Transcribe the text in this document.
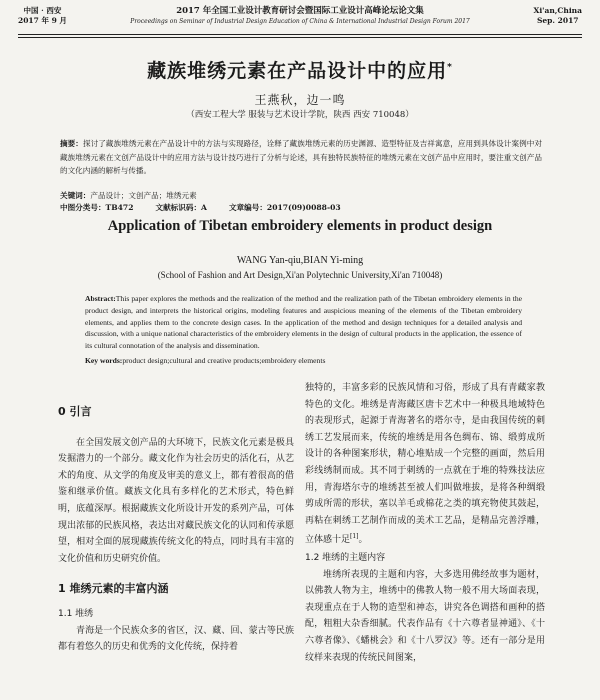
中国 · 西安
2017 年 9 月
2017 年全国工业设计教育研讨会暨国际工业设计高峰论坛论文集
Proceedings on Seminar of Industrial Design Education of China & International Industrial Design Forum 2017
Xi'an,China
Sep. 2017
藏族堆绣元素在产品设计中的应用*
王燕秋，边一鸣
（西安工程大学 服装与艺术设计学院，陕西 西安 710048）
摘要：探讨了藏族堆绣元素在产品设计中的方法与实现路径，诠释了藏族堆绣元素的历史渊源、造型特征及吉祥寓意，应用到具体设计案例中对藏族堆绣元素在文创产品设计中的应用方法与设计技巧进行了分析与论述，具有独特民族特征的堆绣元素在文创产品中应用时，要注重文创产品的文化内涵的解析与传播。
关键词：产品设计；文创产品；堆绣元素
中图分类号：TB472	文献标识码：A	文章编号：2017(09)0088-03
Application of Tibetan embroidery elements in product design
WANG Yan-qiu,BIAN Yi-ming
(School of Fashion and Art Design,Xi'an Polytechnic University,Xi'an 710048)
Abstract:This paper explores the methods and the realization of the method and the realization path of the Tibetan embroidery elements in the product design, and interprets the historical origins, modeling features and auspicious meaning of the elements of the Tibetan embroidery elements, and applies them to the concrete design cases. In the application of the method and design techniques for a detailed analysis and discussion, with a unique national characteristics of the embroidery elements in the design of cultural products in the application, the essence of its cultural connotation of the analysis and dissemination.
Key words:product design;cultural and creative products;embroidery elements

0 引言

在全国发展文创产品的大环境下，民族文化元素是极具发掘潜力的一个部分。藏文化作为社会历史的活化石，从艺术的角度、从文学的角度及审美的意义上，都有着很高的借鉴和继承价值。藏族文化具有多样化的艺术形式，特色鲜明，底蕴深厚。根据藏族文化所设计开发的系列产品，可体现出浓郁的民族风格，表达出对藏民族文化的认同和传承愿望，相对全面的展现藏族传统文化的特点，同时具有丰富的文化价值和历史研究价值。

1 堆绣元素的丰富内涵

1.1 堆绣

青海是一个民族众多的省区，汉、藏、回、蒙古等民族都有着悠久的历史和优秀的文化传统，保持着

独特的，丰富多彩的民族风情和习俗，形成了具有青藏家教特色的文化。堆绣是青海藏区唐卡艺术中一种极具地域特色的表现形式，起源于青海著名的塔尔寺，是由我国传统的刺绣工艺发展而来，传统的堆绣是用各色绸布、锦、缎剪成所设计的各种图案形状，精心堆贴成一个完整的画面，然后用彩线绣制而成。其不同于刺绣的一点就在于堆的特殊技法应用，青海塔尔寺的堆绣甚至被人们叫做堆拔，是将各种绸缎剪成所需的形状，塞以羊毛或棉花之类的填充物使其鼓起，再粘在刺绣工艺制作而成的美术工艺品，是精品完善浮雕，立体感十足[1]。

1.2 堆绣的主题内容

堆绣所表现的主题和内容，大多选用佛经故事为题材，以佛教人物为主，堆绣中的佛教人物一般不用大场面表现，表现重点在于人物的造型和神态，讲究各色调搭和画种的搭配，粗粗大杂香细腻。代表作品有《十六尊者显神通》、《十六尊者像》、《蟠桃会》和《十八罗汉》等。还有一部分是用纹样来表现的传统民间图案，
